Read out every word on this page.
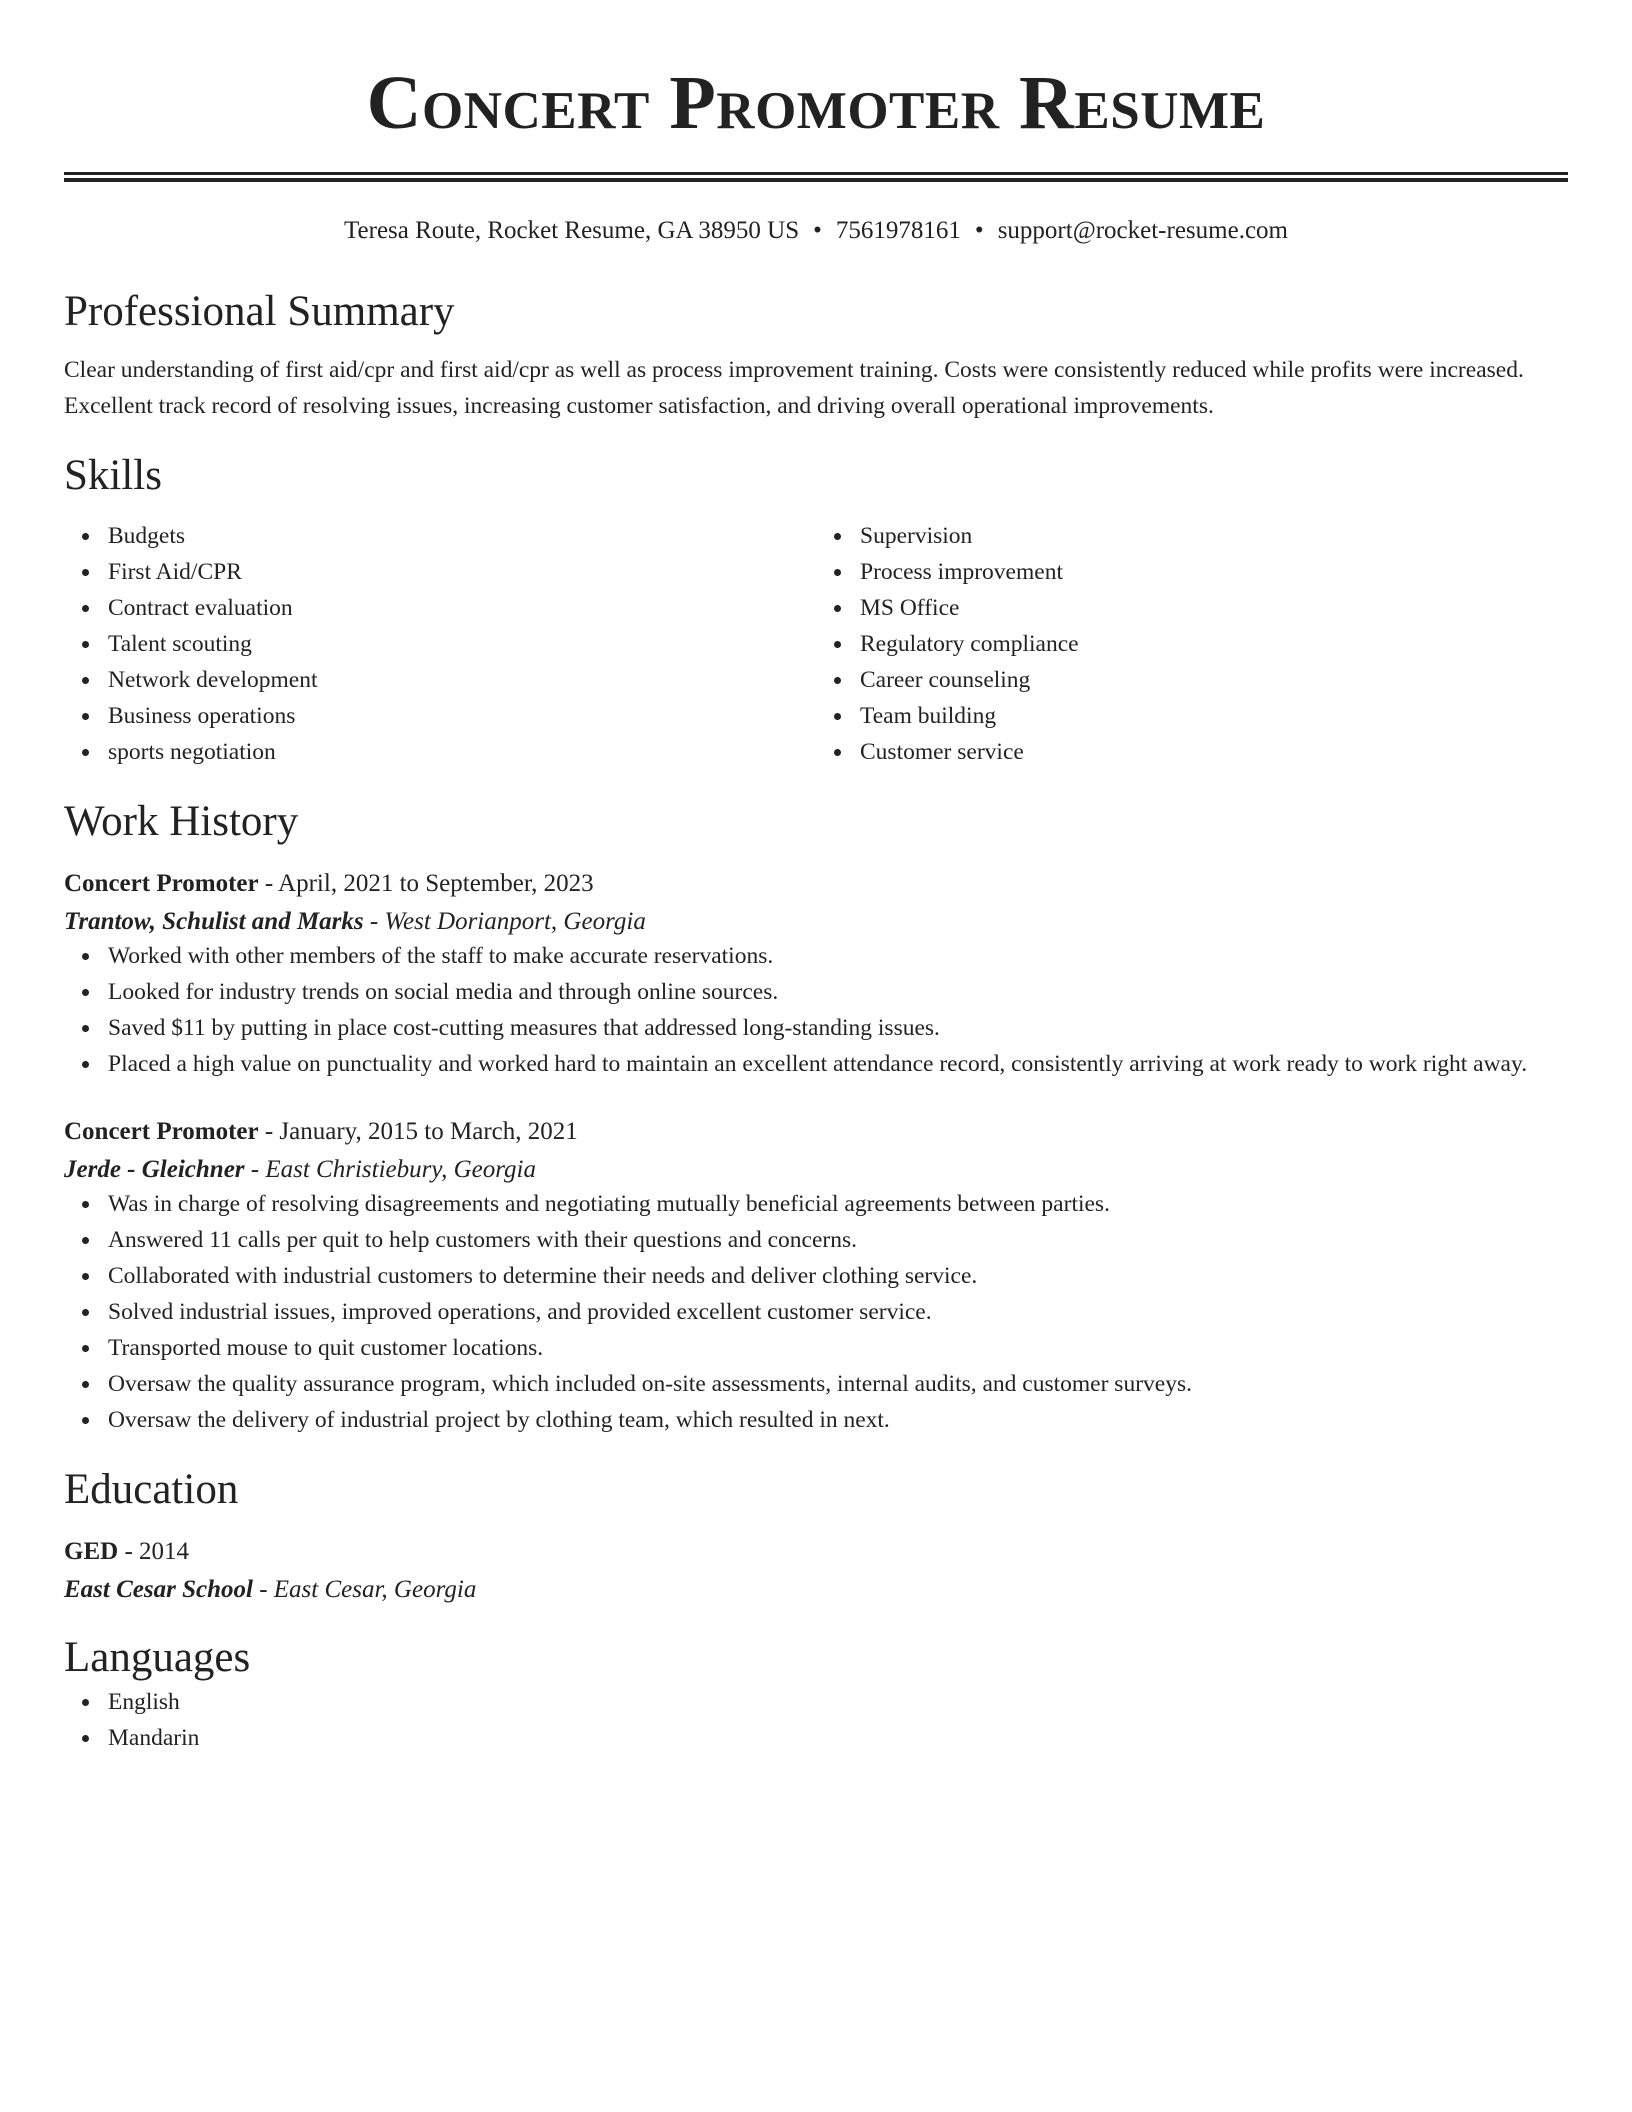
Concert Promoter Resume
Teresa Route, Rocket Resume, GA 38950 US • 7561978161 • support@rocket-resume.com
Professional Summary

Clear understanding of first aid/cpr and first aid/cpr as well as process improvement training. Costs were consistently reduced while profits were increased. Excellent track record of resolving issues, increasing customer satisfaction, and driving overall operational improvements.

Skills
Budgets
First Aid/CPR
Contract evaluation
Talent scouting
Network development
Business operations
sports negotiation
Supervision
Process improvement
MS Office
Regulatory compliance
Career counseling
Team building
Customer service
Work History
Concert Promoter - April, 2021 to September, 2023
Trantow, Schulist and Marks - West Dorianport, Georgia
Worked with other members of the staff to make accurate reservations.
Looked for industry trends on social media and through online sources.
Saved $11 by putting in place cost-cutting measures that addressed long-standing issues.
Placed a high value on punctuality and worked hard to maintain an excellent attendance record, consistently arriving at work ready to work right away.
Concert Promoter - January, 2015 to March, 2021
Jerde - Gleichner - East Christiebury, Georgia
Was in charge of resolving disagreements and negotiating mutually beneficial agreements between parties.
Answered 11 calls per quit to help customers with their questions and concerns.
Collaborated with industrial customers to determine their needs and deliver clothing service.
Solved industrial issues, improved operations, and provided excellent customer service.
Transported mouse to quit customer locations.
Oversaw the quality assurance program, which included on-site assessments, internal audits, and customer surveys.
Oversaw the delivery of industrial project by clothing team, which resulted in next.
Education
GED - 2014
East Cesar School - East Cesar, Georgia
Languages
English
Mandarin
